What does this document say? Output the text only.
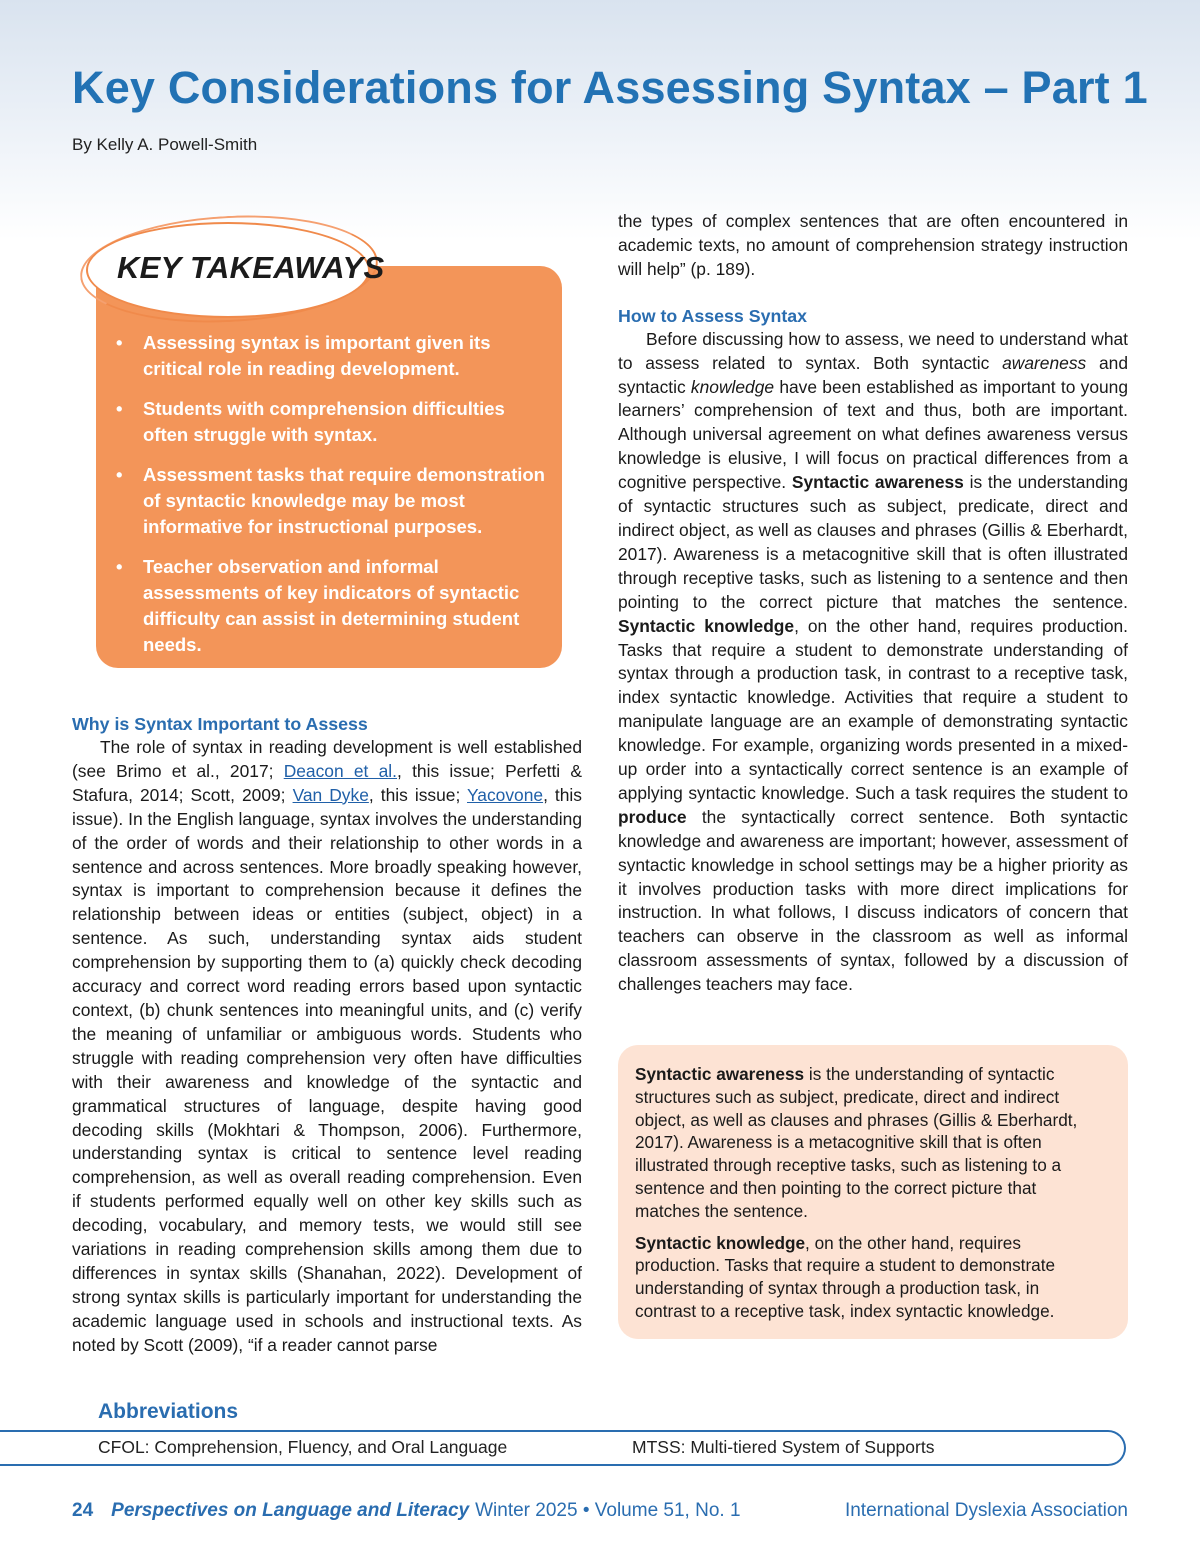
Key Considerations for Assessing Syntax – Part 1
By Kelly A. Powell-Smith
KEY TAKEAWAYS
• Assessing syntax is important given its critical role in reading development.
• Students with comprehension difficulties often struggle with syntax.
• Assessment tasks that require demonstration of syntactic knowledge may be most informative for instructional purposes.
• Teacher observation and informal assessments of key indicators of syntactic difficulty can assist in determining student needs.

Why is Syntax Important to Assess

The role of syntax in reading development is well established (see Brimo et al., 2017; Deacon et al., this issue; Perfetti & Stafura, 2014; Scott, 2009; Van Dyke, this issue; Yacovone, this issue). In the English language, syntax involves the understanding of the order of words and their relationship to other words in a sentence and across sentences. More broadly speaking however, syntax is important to comprehension because it defines the relationship between ideas or entities (subject, object) in a sentence. As such, understanding syntax aids student comprehension by supporting them to (a) quickly check decoding accuracy and correct word reading errors based upon syntactic context, (b) chunk sentences into meaningful units, and (c) verify the meaning of unfamiliar or ambiguous words. Students who struggle with reading comprehension very often have difficulties with their awareness and knowledge of the syntactic and grammatical structures of language, despite having good decoding skills (Mokhtari & Thompson, 2006). Furthermore, understanding syntax is critical to sentence level reading comprehension, as well as overall reading comprehension. Even if students performed equally well on other key skills such as decoding, vocabulary, and memory tests, we would still see variations in reading comprehension skills among them due to differences in syntax skills (Shanahan, 2022). Development of strong syntax skills is particularly important for understanding the academic language used in schools and instructional texts. As noted by Scott (2009), “if a reader cannot parse

the types of complex sentences that are often encountered in academic texts, no amount of comprehension strategy instruction will help” (p. 189).

How to Assess Syntax

Before discussing how to assess, we need to understand what to assess related to syntax. Both syntactic awareness and syntactic knowledge have been established as important to young learners’ comprehension of text and thus, both are important. Although universal agreement on what defines awareness versus knowledge is elusive, I will focus on practical differences from a cognitive perspective. Syntactic awareness is the understanding of syntactic structures such as subject, predicate, direct and indirect object, as well as clauses and phrases (Gillis & Eberhardt, 2017). Awareness is a metacognitive skill that is often illustrated through receptive tasks, such as listening to a sentence and then pointing to the correct picture that matches the sentence. Syntactic knowledge, on the other hand, requires production. Tasks that require a student to demonstrate understanding of syntax through a production task, in contrast to a receptive task, index syntactic knowledge. Activities that require a student to manipulate language are an example of demonstrating syntactic knowledge. For example, organizing words presented in a mixed-up order into a syntactically correct sentence is an example of applying syntactic knowledge. Such a task requires the student to produce the syntactically correct sentence. Both syntactic knowledge and awareness are important; however, assessment of syntactic knowledge in school settings may be a higher priority as it involves production tasks with more direct implications for instruction. In what follows, I discuss indicators of concern that teachers can observe in the classroom as well as informal classroom assessments of syntax, followed by a discussion of challenges teachers may face.

Syntactic awareness is the understanding of syntactic structures such as subject, predicate, direct and indirect object, as well as clauses and phrases (Gillis & Eberhardt, 2017). Awareness is a metacognitive skill that is often illustrated through receptive tasks, such as listening to a sentence and then pointing to the correct picture that matches the sentence.

Syntactic knowledge, on the other hand, requires production. Tasks that require a student to demonstrate understanding of syntax through a production task, in contrast to a receptive task, index syntactic knowledge.

Abbreviations
CFOL: Comprehension, Fluency, and Oral Language	MTSS: Multi-tiered System of Supports
24 Perspectives on Language and Literacy Winter 2025 • Volume 51, No. 1	International Dyslexia Association
